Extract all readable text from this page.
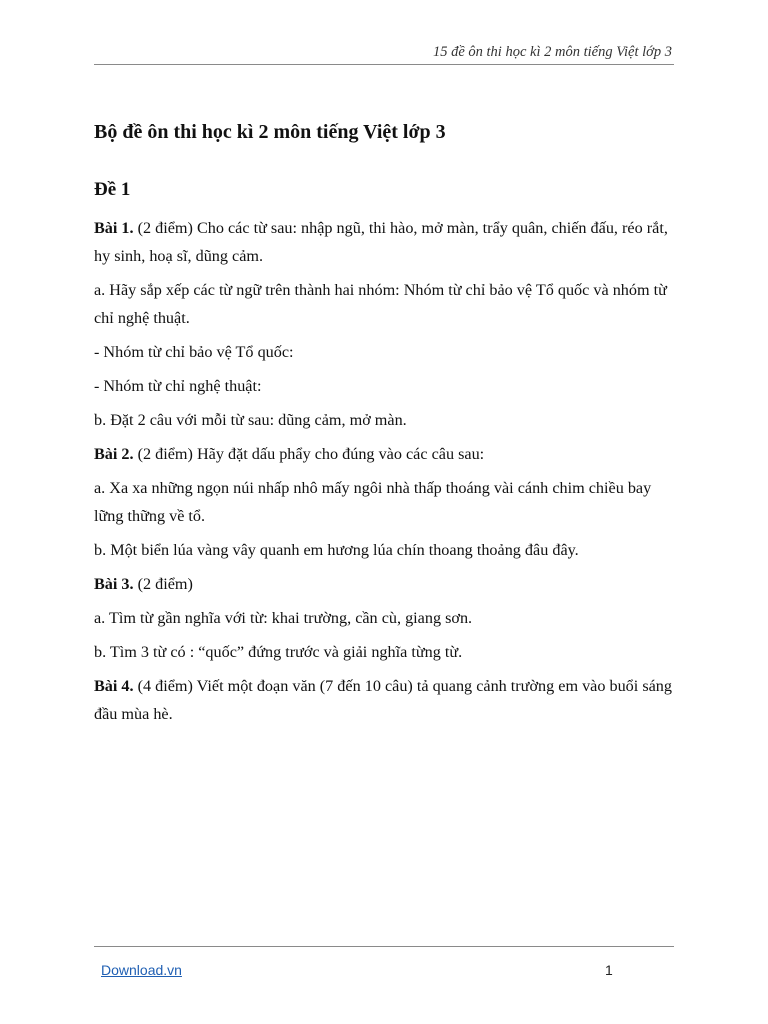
15 đề ôn thi học kì 2 môn tiếng Việt lớp 3
Bộ đề ôn thi học kì 2 môn tiếng Việt lớp 3
Đề 1

Bài 1. (2 điểm) Cho các từ sau: nhập ngũ, thi hào, mở màn, trẩy quân, chiến đấu, réo rắt, hy sinh, hoạ sĩ, dũng cảm.

a. Hãy sắp xếp các từ ngữ trên thành hai nhóm: Nhóm từ chỉ bảo vệ Tổ quốc và nhóm từ chỉ nghệ thuật.

- Nhóm từ chỉ bảo vệ Tổ quốc:

- Nhóm từ chỉ nghệ thuật:

b. Đặt 2 câu với mỗi từ sau: dũng cảm, mở màn.

Bài 2. (2 điểm) Hãy đặt dấu phẩy cho đúng vào các câu sau:

a. Xa xa những ngọn núi nhấp nhô mấy ngôi nhà thấp thoáng vài cánh chim chiều bay lững thững về tổ.

b. Một biển lúa vàng vây quanh em hương lúa chín thoang thoảng đâu đây.

Bài 3. (2 điểm)

a. Tìm từ gần nghĩa với từ: khai trường, cần cù, giang sơn.

b. Tìm 3 từ có : “quốc” đứng trước và giải nghĩa từng từ.

Bài 4. (4 điểm) Viết một đoạn văn (7 đến 10 câu) tả quang cảnh trường em vào buổi sáng đầu mùa hè.

Download.vn	1
